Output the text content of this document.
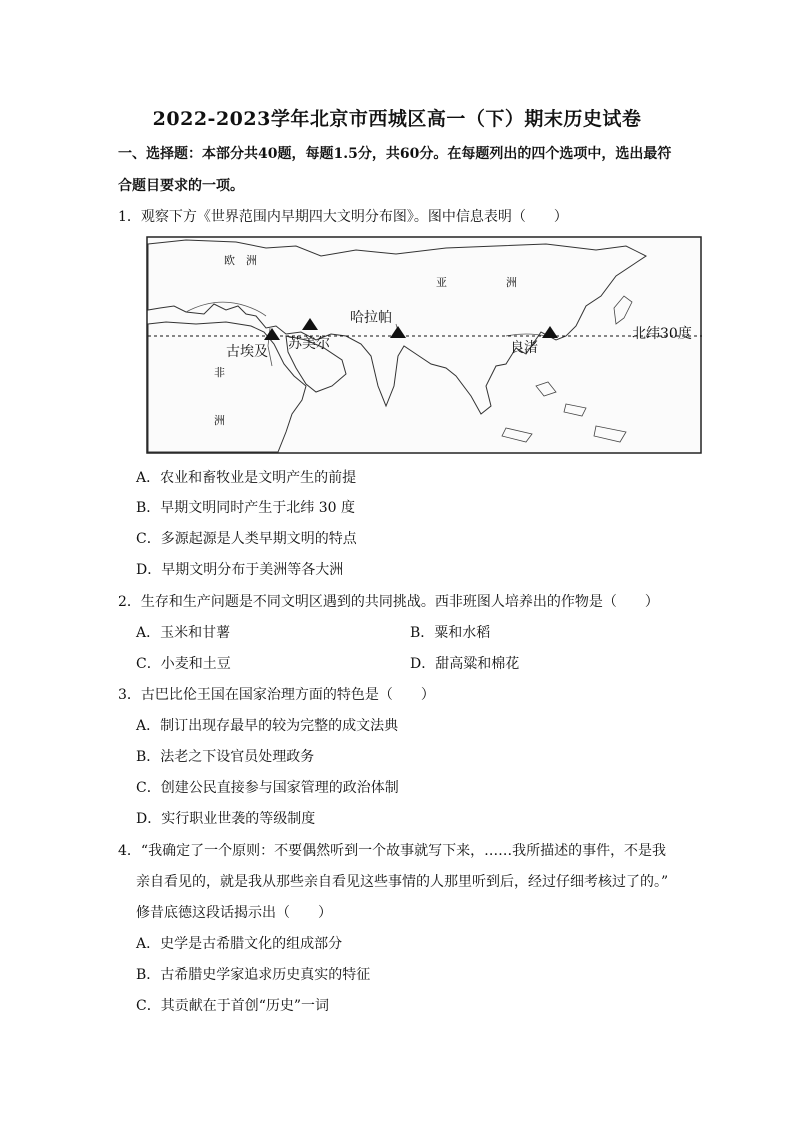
2022-2023学年北京市西城区高一（下）期末历史试卷
一、选择题：本部分共40题，每题1.5分，共60分。在每题列出的四个选项中，选出最符
合题目要求的一项。
1．观察下方《世界范围内早期四大文明分布图》。图中信息表明（　　）
欧　洲
亚	洲
非
洲
古埃及 苏美尔
哈拉帕
良渚
北纬30度
A．农业和畜牧业是文明产生的前提
B．早期文明同时产生于北纬 30 度
C．多源起源是人类早期文明的特点
D．早期文明分布于美洲等各大洲
2．生存和生产问题是不同文明区遇到的共同挑战。西非班图人培养出的作物是（　　）
A．玉米和甘薯	B．粟和水稻
C．小麦和土豆	D．甜高粱和棉花
3．古巴比伦王国在国家治理方面的特色是（　　）
A．制订出现存最早的较为完整的成文法典
B．法老之下设官员处理政务
C．创建公民直接参与国家管理的政治体制
D．实行职业世袭的等级制度
4．“我确定了一个原则：不要偶然听到一个故事就写下来，……我所描述的事件，不是我
亲自看见的，就是我从那些亲自看见这些事情的人那里听到后，经过仔细考核过了的。”
修昔底德这段话揭示出（　　）
A．史学是古希腊文化的组成部分
B．古希腊史学家追求历史真实的特征
C．其贡献在于首创“历史”一词
